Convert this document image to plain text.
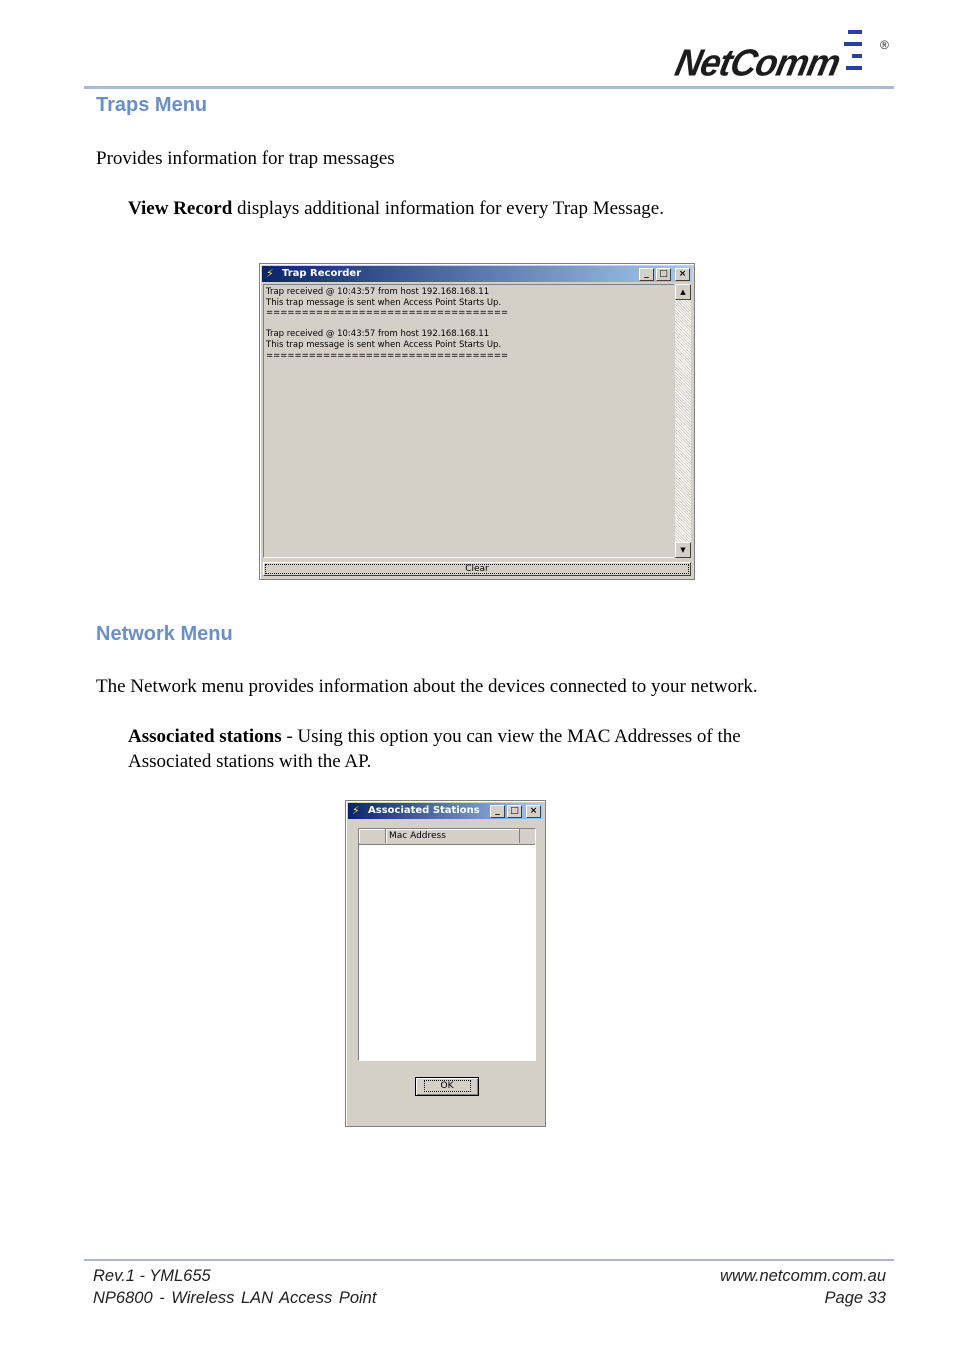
NetComm	®
Traps Menu
Provides information for trap messages
View Record displays additional information for every Trap Message.
⚡ Trap Recorder	_	□	×
Trap received @ 10:43:57 from host 192.168.168.11
This trap message is sent when Access Point Starts Up.
==================================

Trap received @ 10:43:57 from host 192.168.168.11
This trap message is sent when Access Point Starts Up.
==================================
▲
▼
Clear
Network Menu
The Network menu provides information about the devices connected to your network.
Associated stations - Using this option you can view the MAC Addresses of the Associated stations with the AP.
⚡ Associated Stations	_	□	×
Mac Address
OK
Rev.1 - YML655
NP6800 - Wireless LAN Access Point
www.netcomm.com.au
Page 33
